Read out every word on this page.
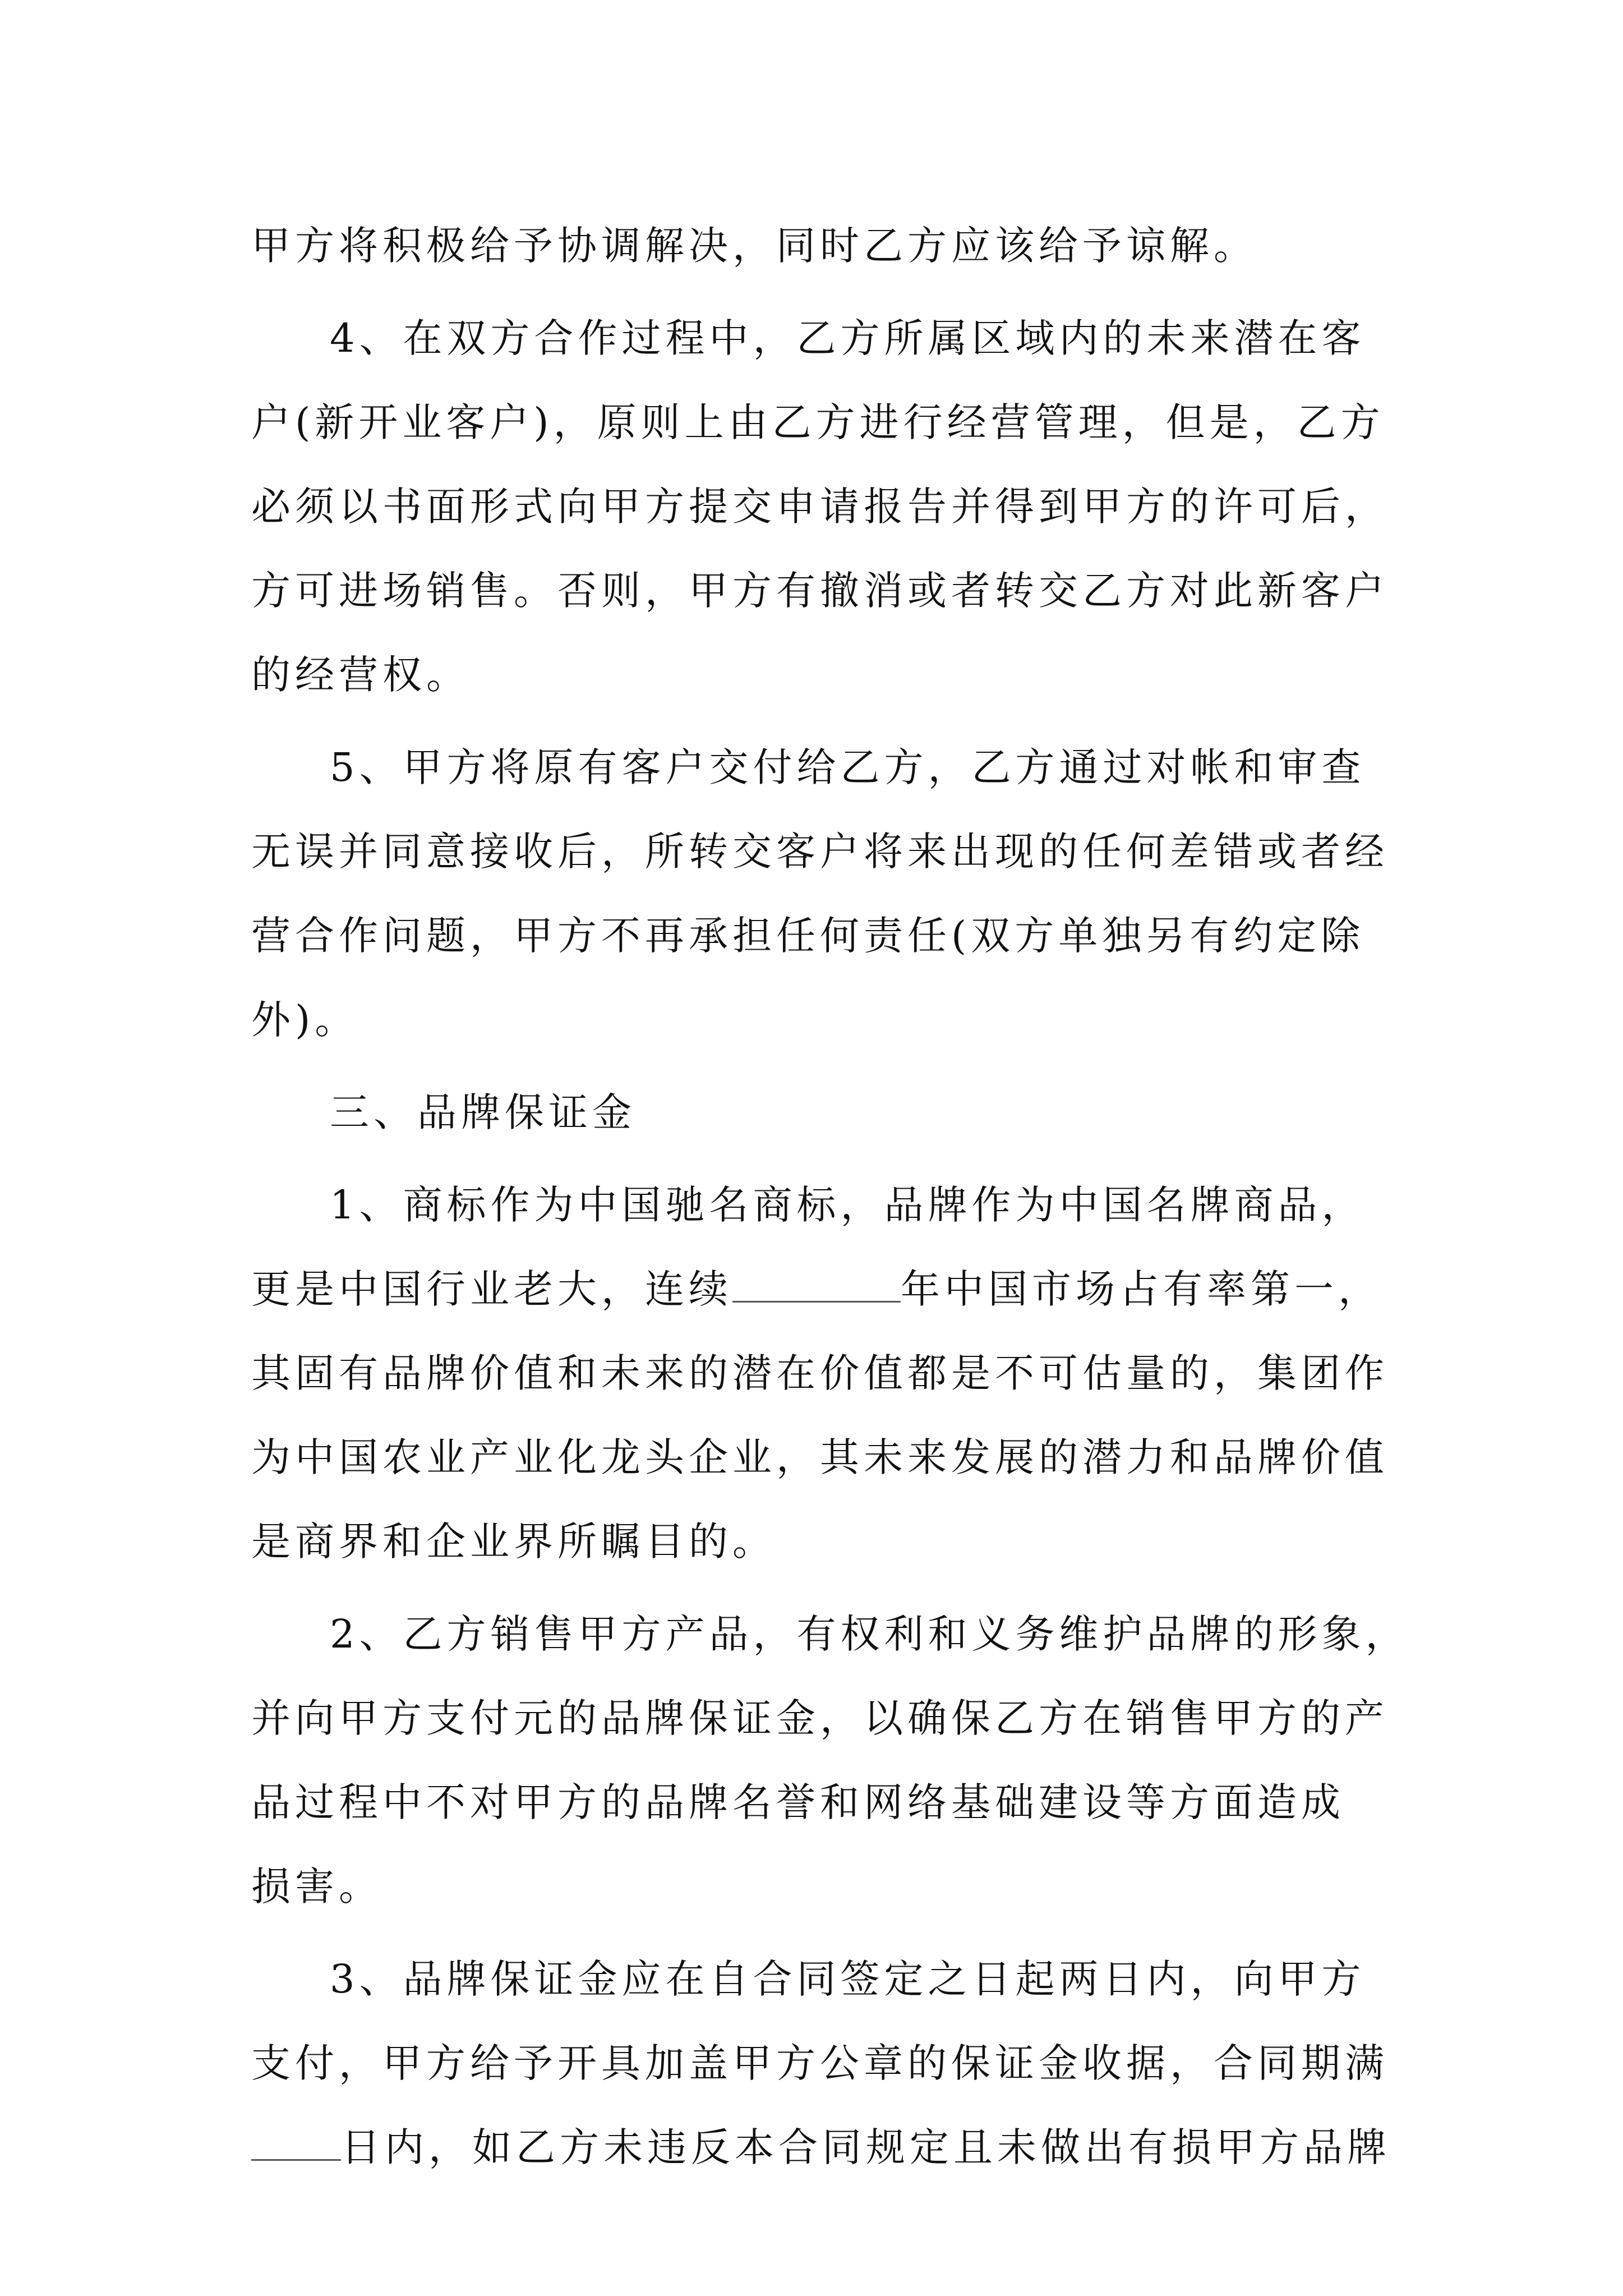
甲方将积极给予协调解决，同时乙方应该给予谅解。
4、在双方合作过程中，乙方所属区域内的未来潜在客
户(新开业客户)，原则上由乙方进行经营管理，但是，乙方
必须以书面形式向甲方提交申请报告并得到甲方的许可后，
方可进场销售。否则，甲方有撤消或者转交乙方对此新客户
的经营权。
5、甲方将原有客户交付给乙方，乙方通过对帐和审查
无误并同意接收后，所转交客户将来出现的任何差错或者经
营合作问题，甲方不再承担任何责任(双方单独另有约定除
外)。
三、品牌保证金
1、商标作为中国驰名商标，品牌作为中国名牌商品，
更是中国行业老大，连续	年中国市场占有率第一，
其固有品牌价值和未来的潜在价值都是不可估量的，集团作
为中国农业产业化龙头企业，其未来发展的潜力和品牌价值
是商界和企业界所瞩目的。
2、乙方销售甲方产品，有权利和义务维护品牌的形象，
并向甲方支付元的品牌保证金，以确保乙方在销售甲方的产
品过程中不对甲方的品牌名誉和网络基础建设等方面造成
损害。
3、品牌保证金应在自合同签定之日起两日内，向甲方
支付，甲方给予开具加盖甲方公章的保证金收据，合同期满
日内，如乙方未违反本合同规定且未做出有损甲方品牌
